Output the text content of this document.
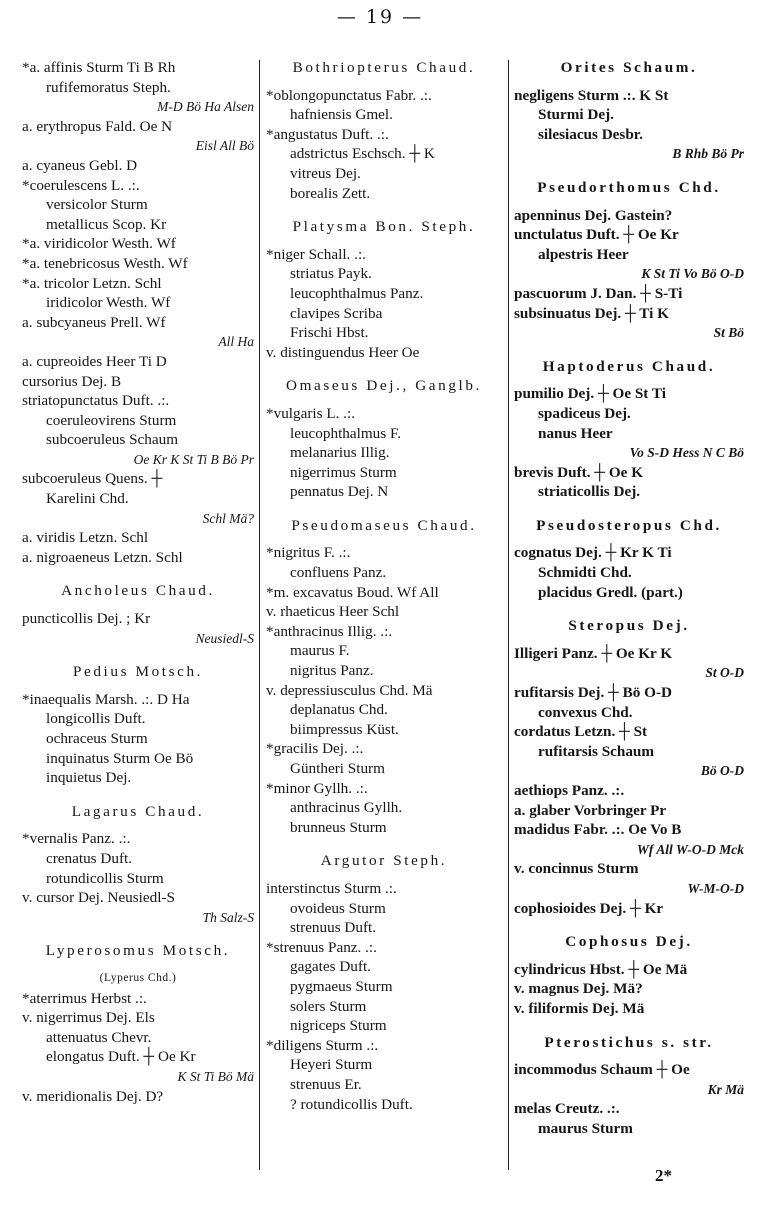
— 19 —
*a. affinis Sturm Ti B Rh
rufifemoratus Steph.
M-D Bö Ha Alsen
a. erythropus Fald. Oe N
Eisl All Bö
a. cyaneus Gebl. D
*coerulescens L. .:.
versicolor Sturm
metallicus Scop. Kr
*a. viridicolor Westh. Wf
*a. tenebricosus Westh. Wf
*a. tricolor Letzn. Schl
iridicolor Westh. Wf
a. subcyaneus Prell. Wf
All Ha
a. cupreoides Heer Ti D
cursorius Dej. B
striatopunctatus Duft. .:.
coeruleovirens Sturm
subcoeruleus Schaum
Oe Kr K St Ti B Bö Pr
subcoeruleus Quens. ┼
Karelini Chd.
Schl Mä?
a. viridis Letzn. Schl
a. nigroaeneus Letzn. Schl
Ancholeus Chaud.
puncticollis Dej. ; Kr
Neusiedl-S
Pedius Motsch.
*inaequalis Marsh. .:. D Ha
longicollis Duft.
ochraceus Sturm
inquinatus Sturm Oe Bö
inquietus Dej.
Lagarus Chaud.
*vernalis Panz. .:.
crenatus Duft.
rotundicollis Sturm
v. cursor Dej. Neusiedl-S
Th Salz-S
Lyperosomus Motsch.
(Lyperus Chd.)
*aterrimus Herbst .:.
v. nigerrimus Dej. Els
attenuatus Chevr.
elongatus Duft. ┼ Oe Kr
K St Ti Bö Mä
v. meridionalis Dej. D?
Bothriopterus Chaud.
*oblongopunctatus Fabr. .:.
hafniensis Gmel.
*angustatus Duft. .:.
adstrictus Eschsch. ┼ K
vitreus Dej.
borealis Zett.
Platysma Bon. Steph.
*niger Schall. .:.
striatus Payk.
leucophthalmus Panz.
clavipes Scriba
Frischi Hbst.
v. distinguendus Heer Oe
Omaseus Dej., Ganglb.
*vulgaris L. .:.
leucophthalmus F.
melanarius Illig.
nigerrimus Sturm
pennatus Dej. N
Pseudomaseus Chaud.
*nigritus F. .:.
confluens Panz.
*m. excavatus Boud. Wf All
v. rhaeticus Heer Schl
*anthracinus Illig. .:.
maurus F.
nigritus Panz.
v. depressiusculus Chd. Mä
deplanatus Chd.
biimpressus Küst.
*gracilis Dej. .:.
Güntheri Sturm
*minor Gyllh. .:.
anthracinus Gyllh.
brunneus Sturm
Argutor Steph.
interstinctus Sturm .:.
ovoideus Sturm
strenuus Duft.
*strenuus Panz. .:.
gagates Duft.
pygmaeus Sturm
solers Sturm
nigriceps Sturm
*diligens Sturm .:.
Heyeri Sturm
strenuus Er.
? rotundicollis Duft.
Orites Schaum.
negligens Sturm .:. K St
Sturmi Dej.
silesiacus Desbr.
B Rhb Bö Pr
Pseudorthomus Chd.
apenninus Dej. Gastein?
unctulatus Duft. ┼ Oe Kr
alpestris Heer
K St Ti Vo Bö O-D
pascuorum J. Dan. ┼ S-Ti
subsinuatus Dej. ┼ Ti K
St Bö
Haptoderus Chaud.
pumilio Dej. ┼ Oe St Ti
spadiceus Dej.
nanus Heer
Vo S-D Hess N C Bö
brevis Duft. ┼ Oe K
striaticollis Dej.
Pseudosteropus Chd.
cognatus Dej. ┼ Kr K Ti
Schmidti Chd.
placidus Gredl. (part.)
Steropus Dej.
Illigeri Panz. ┼ Oe Kr K
St O-D
rufitarsis Dej. ┼ Bö O-D
convexus Chd.
cordatus Letzn. ┼ St
rufitarsis Schaum
Bö O-D
aethiops Panz. .:.
a. glaber Vorbringer Pr
madidus Fabr. .:. Oe Vo B
Wf All W-O-D Mck
v. concinnus Sturm
W-M-O-D
cophosioides Dej. ┼ Kr
Cophosus Dej.
cylindricus Hbst. ┼ Oe Mä
v. magnus Dej. Mä?
v. filiformis Dej. Mä
Pterostichus s. str.
incommodus Schaum ┼ Oe
Kr Mä
melas Creutz. .:.
maurus Sturm
2*
